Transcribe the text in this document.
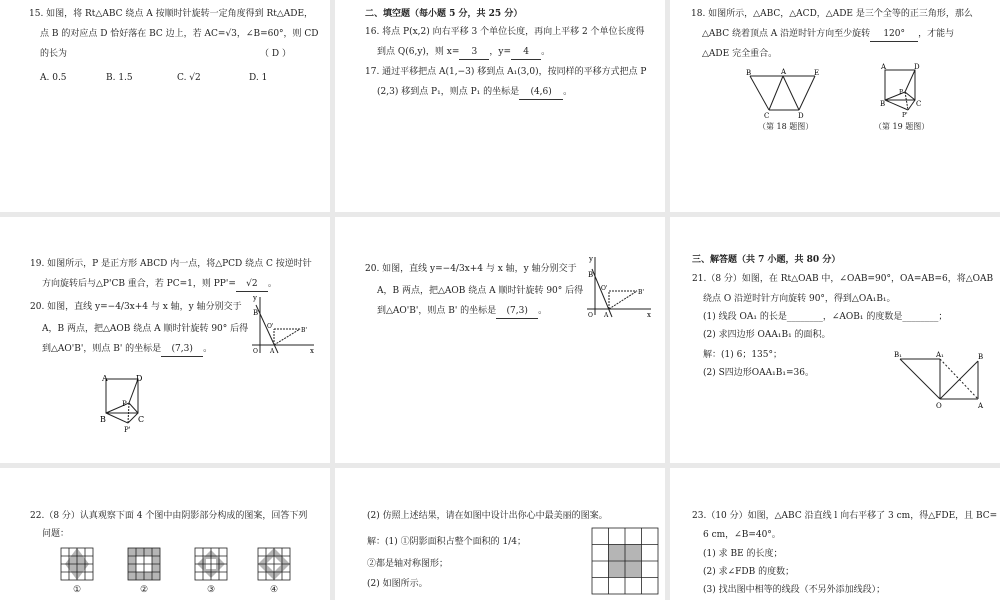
15. 如图，将 Rt△ABC 绕点 A 按顺时针旋转一定角度得到 Rt△ADE，
点 B 的对应点 D 恰好落在 BC 边上，若 AC=√3，∠B=60°，则 CD
的长为	（ D ）
A. 0.5	B. 1.5	C. √2	D. 1
二、填空题（每小题 5 分，共 25 分）
16. 将点 P(x,2) 向右平移 3 个单位长度，再向上平移 2 个单位长度得
到点 Q(6,y)，则 x= 3 ，y= 4 。
17. 通过平移把点 A(1,−3) 移到点 A₁(3,0)，按同样的平移方式把点 P
(2,3) 移到点 P₁，则点 P₁ 的坐标是 (4,6) 。
18. 如图所示，△ABC，△ACD，△ADE 是三个全等的正三角形，那么
△ABC 绕着顶点 A 沿逆时针方向至少旋转 120° ，才能与
△ADE 完全重合。
B	A	E
C	D
A	D
P
B	C
P'
（第 18 题图）	（第 19 题图）
19. 如图所示，P 是正方形 ABCD 内一点，将△PCD 绕点 C 按逆时针
方向旋转后与△P'CB 重合，若 PC=1，则 PP'= √2 。
20. 如图，直线 y=−4/3x+4 与 x 轴，y 轴分别交于
A，B 两点，把△AOB 绕点 A 顺时针旋转 90° 后得
到△AO'B'，则点 B' 的坐标是 (7,3) 。
y
B
O'
B'
O A	x
A	D
P
B	C
P'
20. 如图，直线 y=−4/3x+4 与 x 轴，y 轴分别交于
A，B 两点，把△AOB 绕点 A 顺时针旋转 90° 后得
到△AO'B'，则点 B' 的坐标是 (7,3) 。
y
B
O'
B'
O A	x
三、解答题（共 7 小题，共 80 分）
21.（8 分）如图，在 Rt△OAB 中，∠OAB=90°，OA=AB=6，将△OAB
绕点 O 沿逆时针方向旋转 90°，得到△OA₁B₁。
(1) 线段 OA₁ 的长是________，∠AOB₁ 的度数是________；
(2) 求四边形 OAA₁B₁ 的面积。
解：(1) 6；135°；
(2) S四边形OAA₁B₁=36。
B₁	A₁	B
O	A
22.（8 分）认真观察下面 4 个图中由阴影部分构成的图案，回答下列
问题：
①	②	③	④
(2) 仿照上述结果，请在如图中设计出你心中最美丽的图案。
解：(1) ①阴影面积占整个面积的 1/4；
②都是轴对称图形；
(2) 如图所示。
23.（10 分）如图，△ABC 沿直线 l 向右平移了 3 cm，得△FDE，且 BC=
6 cm，∠B=40°。
(1) 求 BE 的长度；
(2) 求∠FDB 的度数；
(3) 找出图中相等的线段（不另外添加线段）；
